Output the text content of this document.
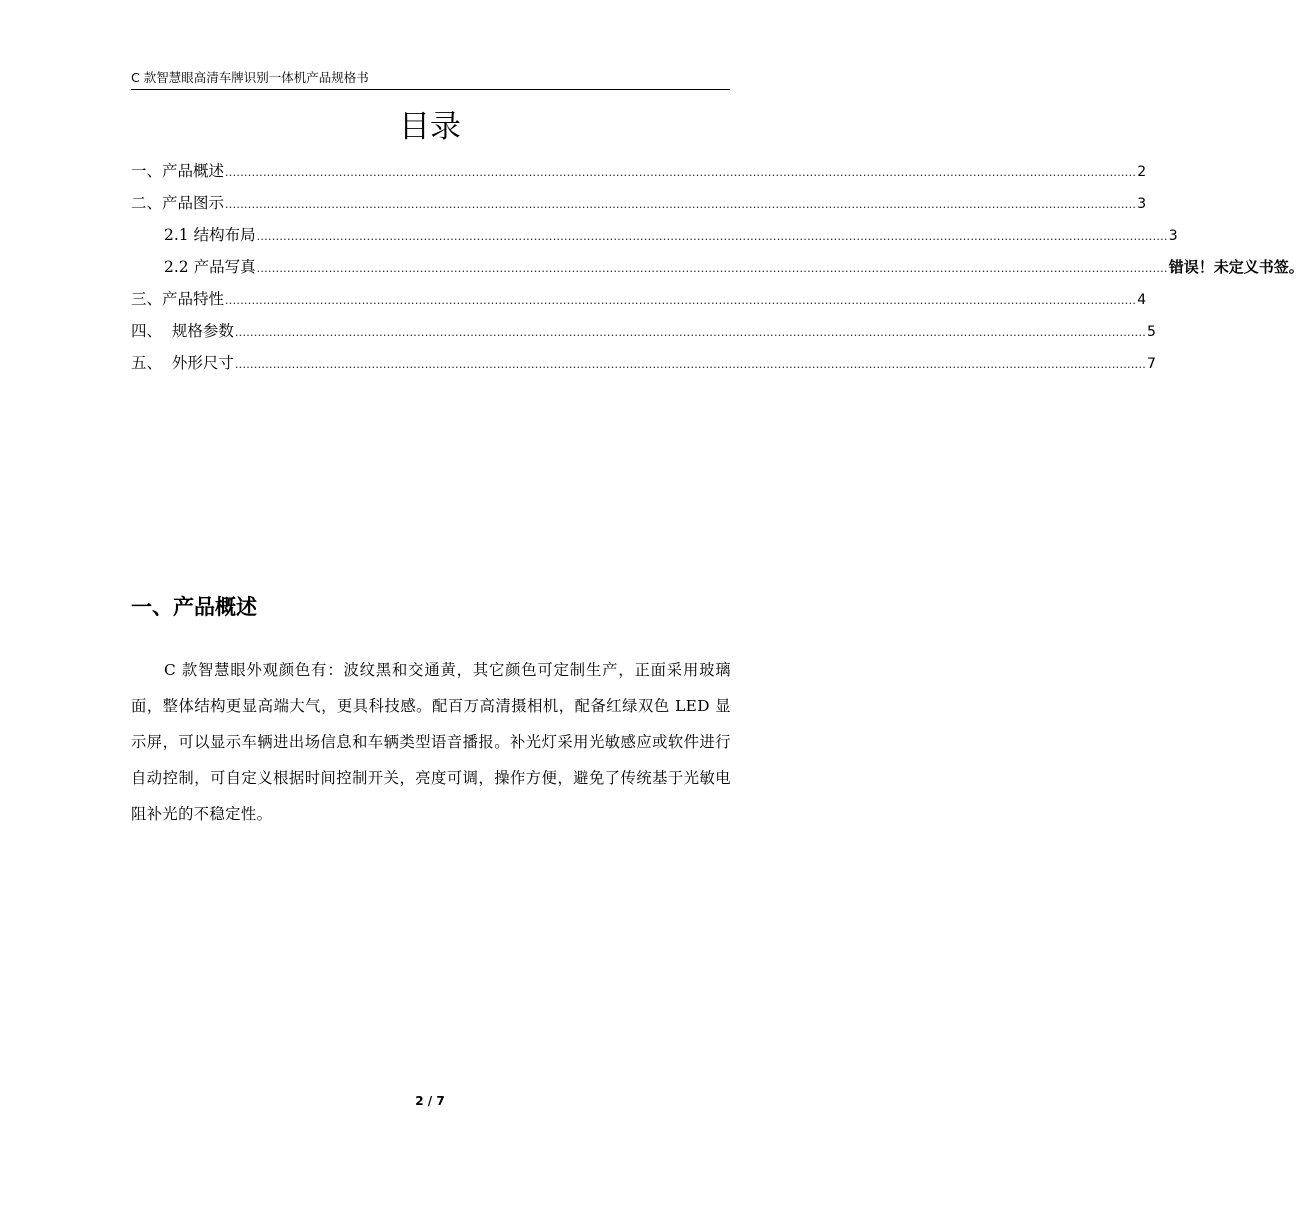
C 款智慧眼高清车牌识别一体机产品规格书
目录
一、产品概述 ................................................................................................................................................................................................................................................ 2
二、产品图示 ................................................................................................................................................................................................................................................ 3
2.1 结构布局 ................................................................................................................................................................................................................................................ 3
2.2 产品写真 ................................................................................................................................................................................................................................................ 错误！未定义书签。
三、产品特性 ................................................................................................................................................................................................................................................ 4
四、  规格参数 ................................................................................................................................................................................................................................................ 5
五、  外形尺寸 ................................................................................................................................................................................................................................................ 7
一、产品概述

C 款智慧眼外观颜色有：波纹黑和交通黄，其它颜色可定制生产，正面采用玻璃面，整体结构更显高端大气，更具科技感。配百万高清摄相机，配备红绿双色 LED 显示屏，可以显示车辆进出场信息和车辆类型语音播报。补光灯采用光敏感应或软件进行自动控制，可自定义根据时间控制开关，亮度可调，操作方便，避免了传统基于光敏电阻补光的不稳定性。

2 / 7
